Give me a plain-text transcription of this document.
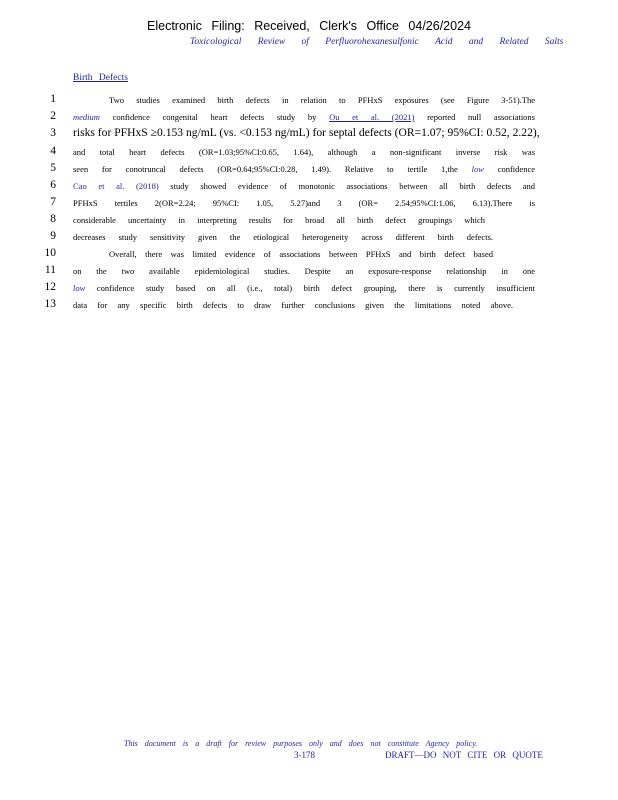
Electronic Filing: Received, Clerk's Office 04/26/2024
Toxicological Review of Perfluorohexanesulfonic Acid and Related Salts
Birth Defects
1	Two studies examined birth defects in relation to PFHxS exposures (see Figure 3-51).The
2 medium confidence congenital heart defects study by Ou et al. (2021) reported null associations
3 risks for PFHxS ≥0.153 ng/mL (vs. <0.153 ng/mL) for septal defects (OR=1.07; 95%CI: 0.52, 2.22),
4 and total heart defects (OR=1.03;95%CI:0.65, 1.64), although a non-significant inverse risk was
5 seen for conotruncal defects (OR=0.64;95%CI:0.28, 1.49). Relative to tertile 1,the low confidence
6 Cao et al. (2018) study showed evidence of monotonic associations between all birth defects and
7 PFHxS tertiles 2(OR=2.24; 95%CI: 1.05, 5.27)and 3 (OR= 2.54;95%CI:1.06, 6.13).There is
8 considerable uncertainty in interpreting results for broad all birth defect groupings which
9 decreases study sensitivity given the etiological heterogeneity across different birth defects.
10	Overall, there was limited evidence of associations between PFHxS and birth defect based
11 on the two available epidemiological studies. Despite an exposure-response relationship in one
12 low confidence study based on all (i.e., total) birth defect grouping, there is currently insufficient
13 data for any specific birth defects to draw further conclusions given the limitations noted above.
This document is a draft for review purposes only and does not constitute Agency policy.
3-178	DRAFT—DO NOT CITE OR QUOTE
